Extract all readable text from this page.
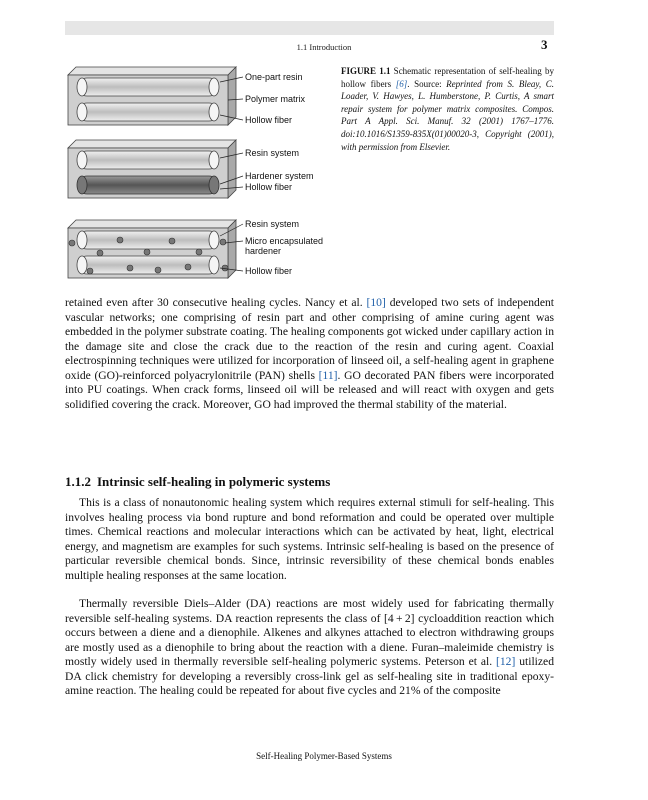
1.1 Introduction	3
One-part resin
Polymer matrix
Hollow fiber
Resin system
Hardener system
Hollow fiber
Resin system
Micro encapsulated
hardener
Hollow fiber
FIGURE 1.1 Schematic representation of self-healing by hollow fibers [6]. Source: Reprinted from S. Bleay, C. Loader, V. Hawyes, L. Humberstone, P. Curtis, A smart repair system for polymer matrix composites. Compos. Part A Appl. Sci. Manuf. 32 (2001) 1767–1776. doi:10.1016/S1359-835X(01)00020-3, Copyright (2001), with permission from Elsevier.

retained even after 30 consecutive healing cycles. Nancy et al. [10] developed two sets of independent vascular networks; one comprising of resin part and other comprising of amine curing agent was embedded in the polymer substrate coating. The healing components got wicked under capillary action in the damage site and close the crack due to the reaction of the resin and curing agent. Coaxial electrospinning techniques were utilized for incorporation of linseed oil, a self-healing agent in graphene oxide (GO)-reinforced polyacrylonitrile (PAN) shells [11]. GO decorated PAN fibers were incorporated into PU coatings. When crack forms, linseed oil will be released and will react with oxygen and gets solidified covering the crack. Moreover, GO had improved the thermal stability of the material.

1.1.2 Intrinsic self-healing in polymeric systems

This is a class of nonautonomic healing system which requires external stimuli for self-healing. This involves healing process via bond rupture and bond reformation and could be operated over multiple times. Chemical reactions and molecular interactions which can be activated by heat, light, electrical energy, and magnetism are examples for such systems. Intrinsic self-healing is based on the presence of particular reversible chemical bonds. Since, intrinsic reversibility of these chemical bonds enables multiple healing responses at the same location.

Thermally reversible Diels–Alder (DA) reactions are most widely used for fabricating thermally reversible self-healing systems. DA reaction represents the class of [4 + 2] cycloaddition reaction which occurs between a diene and a dienophile. Alkenes and alkynes attached to electron withdrawing groups are mostly used as a dienophile to bring about the reaction with a diene. Furan–maleimide chemistry is mostly widely used in thermally reversible self-healing polymeric systems. Peterson et al. [12] utilized DA click chemistry for developing a reversibly cross-link gel as self-healing site in traditional epoxy-amine reaction. The healing could be repeated for about five cycles and 21% of the composite

Self-Healing Polymer-Based Systems
